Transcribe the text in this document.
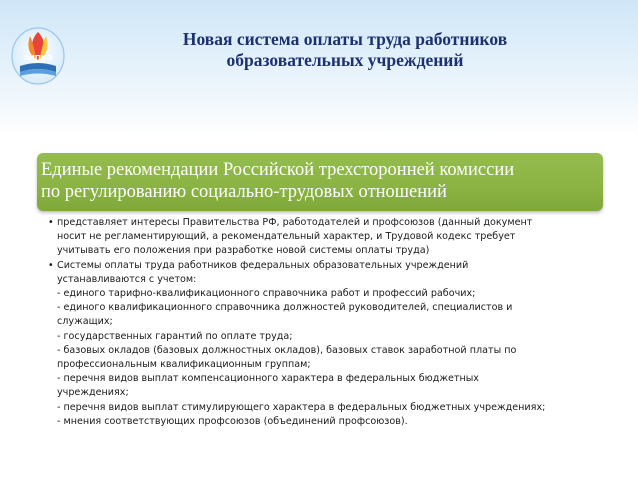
АИПКО
Новая система оплаты труда работников
образовательных учреждений
Единые рекомендации Российской трехсторонней комиссии
по регулированию социально-трудовых отношений
• представляет интересы Правительства РФ, работодателей и профсоюзов (данный документ
носит не регламентирующий, а рекомендательный характер, и Трудовой кодекс требует
учитывать его положения при разработке новой системы оплаты труда)
• Системы оплаты труда работников федеральных образовательных учреждений
устанавливаются с учетом:
- единого тарифно-квалификационного справочника работ и профессий рабочих;
- единого квалификационного справочника должностей руководителей, специалистов и
служащих;
- государственных гарантий по оплате труда;
- базовых окладов (базовых должностных окладов), базовых ставок заработной платы по
профессиональным квалификационным группам;
- перечня видов выплат компенсационного характера в федеральных бюджетных
учреждениях;
- перечня видов выплат стимулирующего характера в федеральных бюджетных учреждениях;
- мнения соответствующих профсоюзов (объединений профсоюзов).
